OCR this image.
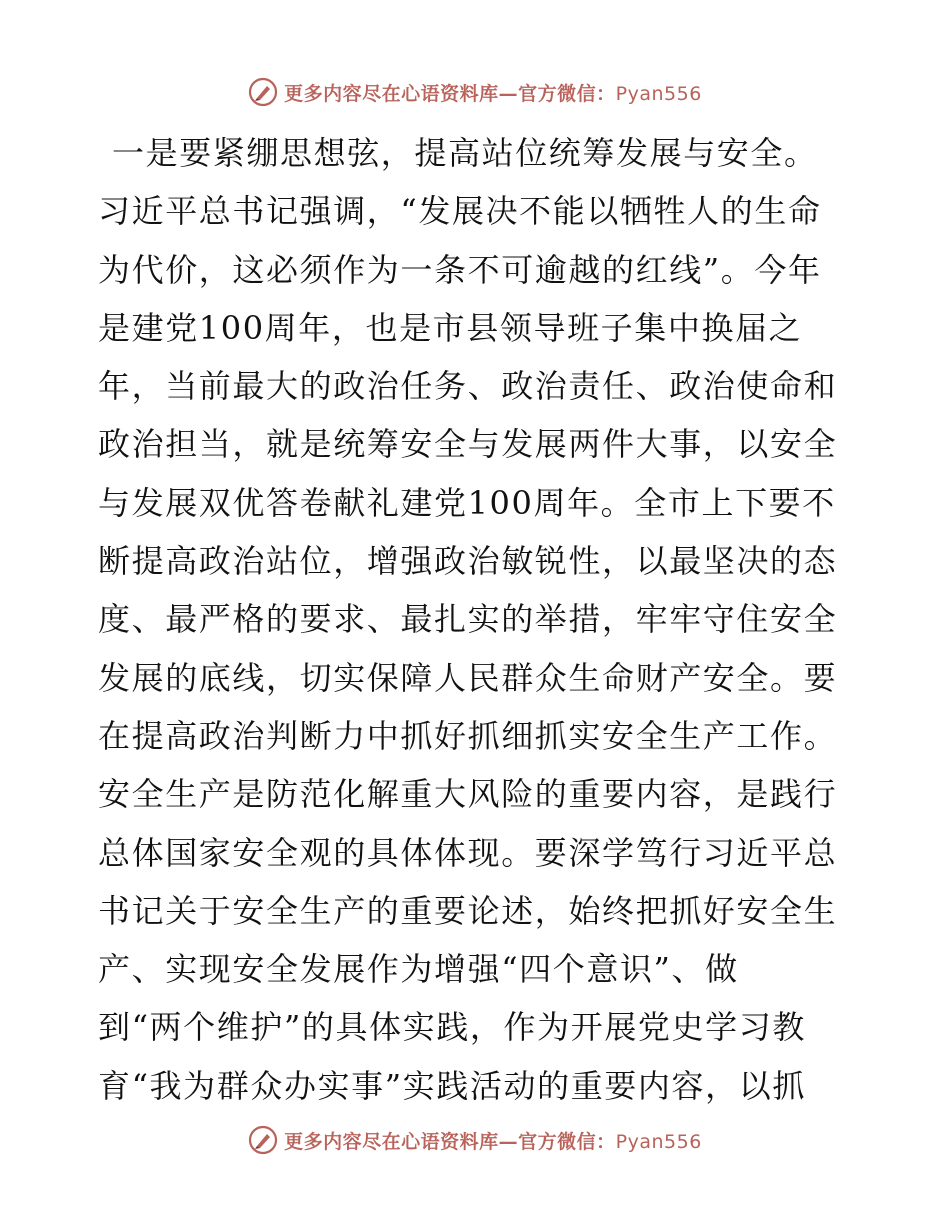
更多内容尽在心语资料库—官方微信：Pyan556
一是要紧绷思想弦，提高站位统筹发展与安全。
习近平总书记强调，“发展决不能以牺牲人的生命
为代价，这必须作为一条不可逾越的红线”。今年
是建党100周年，也是市县领导班子集中换届之
年，当前最大的政治任务、政治责任、政治使命和
政治担当，就是统筹安全与发展两件大事，以安全
与发展双优答卷献礼建党100周年。全市上下要不
断提高政治站位，增强政治敏锐性，以最坚决的态
度、最严格的要求、最扎实的举措，牢牢守住安全
发展的底线，切实保障人民群众生命财产安全。要
在提高政治判断力中抓好抓细抓实安全生产工作。
安全生产是防范化解重大风险的重要内容，是践行
总体国家安全观的具体体现。要深学笃行习近平总
书记关于安全生产的重要论述，始终把抓好安全生
产、实现安全发展作为增强“四个意识”、做
到“两个维护”的具体实践，作为开展党史学习教
育“我为群众办实事”实践活动的重要内容，以抓
更多内容尽在心语资料库—官方微信：Pyan556
